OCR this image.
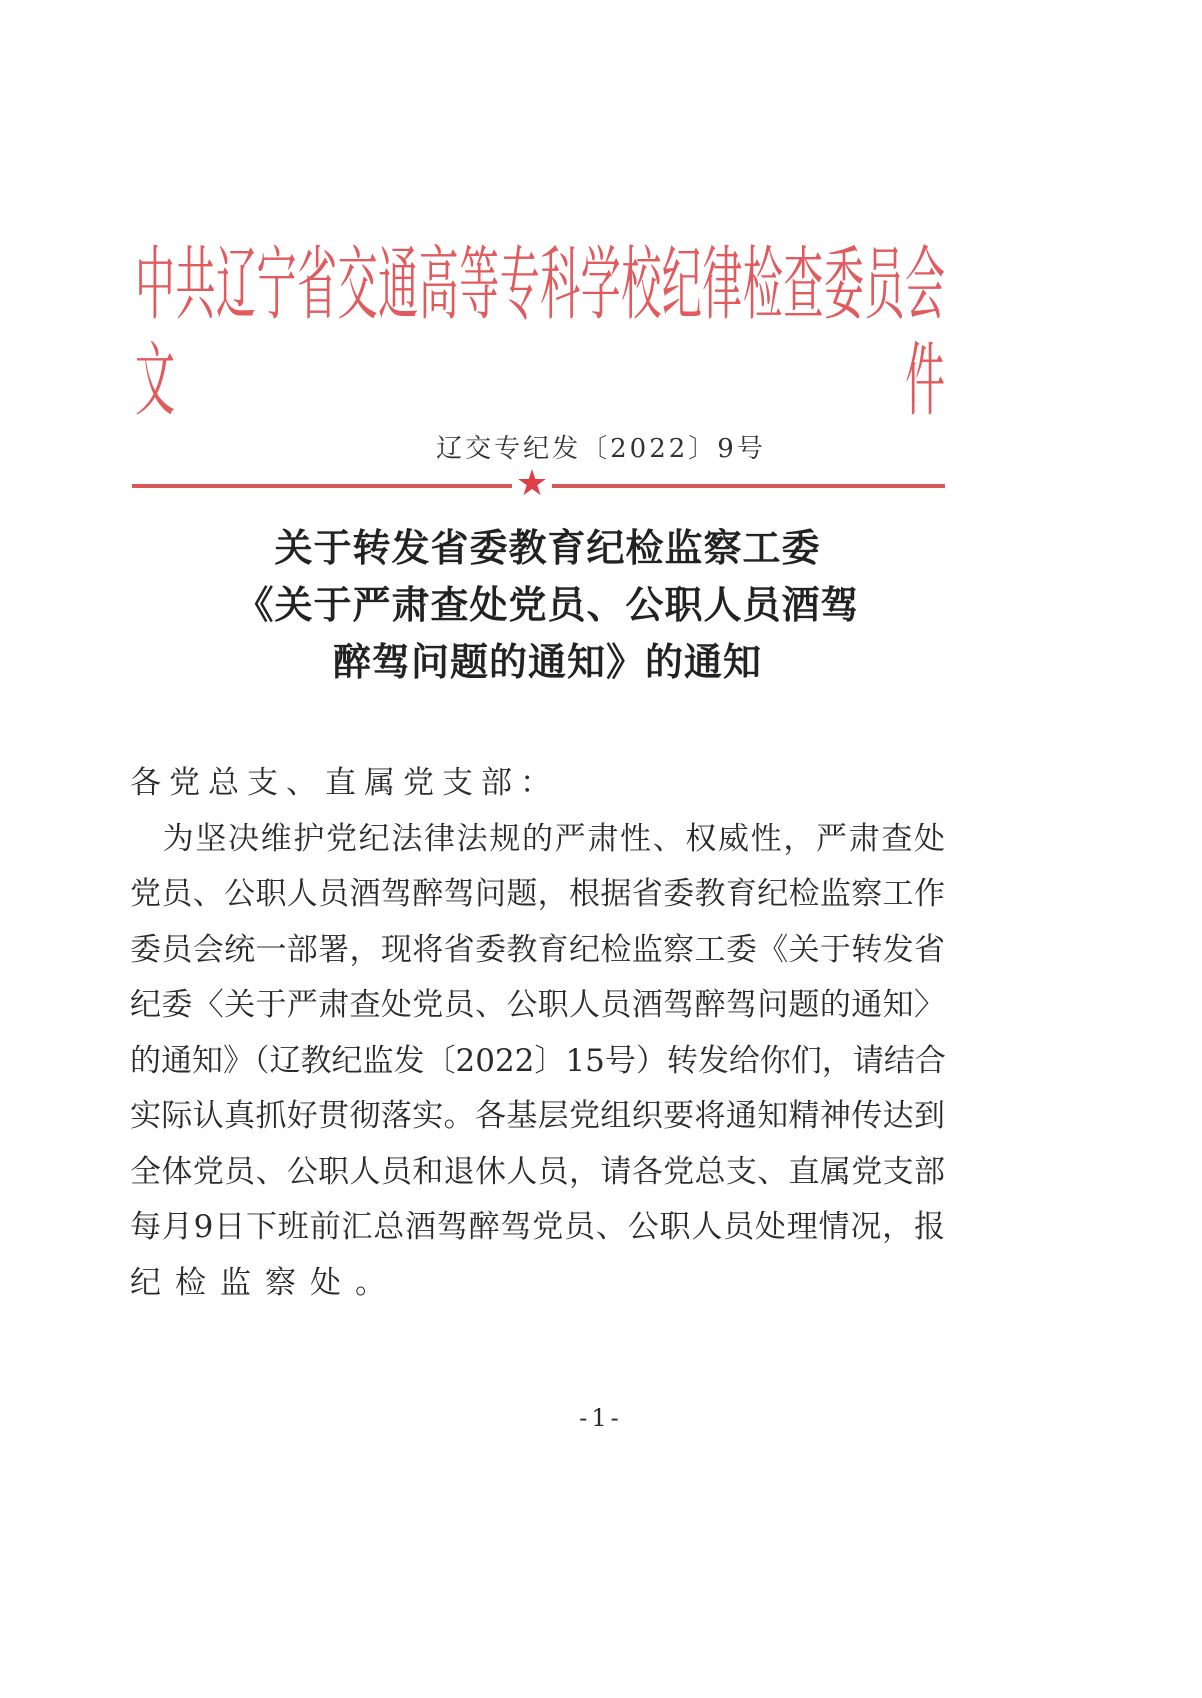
中共辽宁省交通高等专科学校纪律检查委员会文件
辽交专纪发〔2022〕9号
★
关于转发省委教育纪检监察工委
《关于严肃查处党员、公职人员酒驾
醉驾问题的通知》的通知
各党总支、直属党支部：
　为坚决维护党纪法律法规的严肃性、权威性，严肃查处
党员、公职人员酒驾醉驾问题，根据省委教育纪检监察工作
委员会统一部署，现将省委教育纪检监察工委《关于转发省
纪委〈关于严肃查处党员、公职人员酒驾醉驾问题的通知〉
的通知》（辽教纪监发〔2022〕15号）转发给你们，请结合
实际认真抓好贯彻落实。各基层党组织要将通知精神传达到
全体党员、公职人员和退休人员，请各党总支、直属党支部
每月9日下班前汇总酒驾醉驾党员、公职人员处理情况，报
纪检监察处。
-1-
